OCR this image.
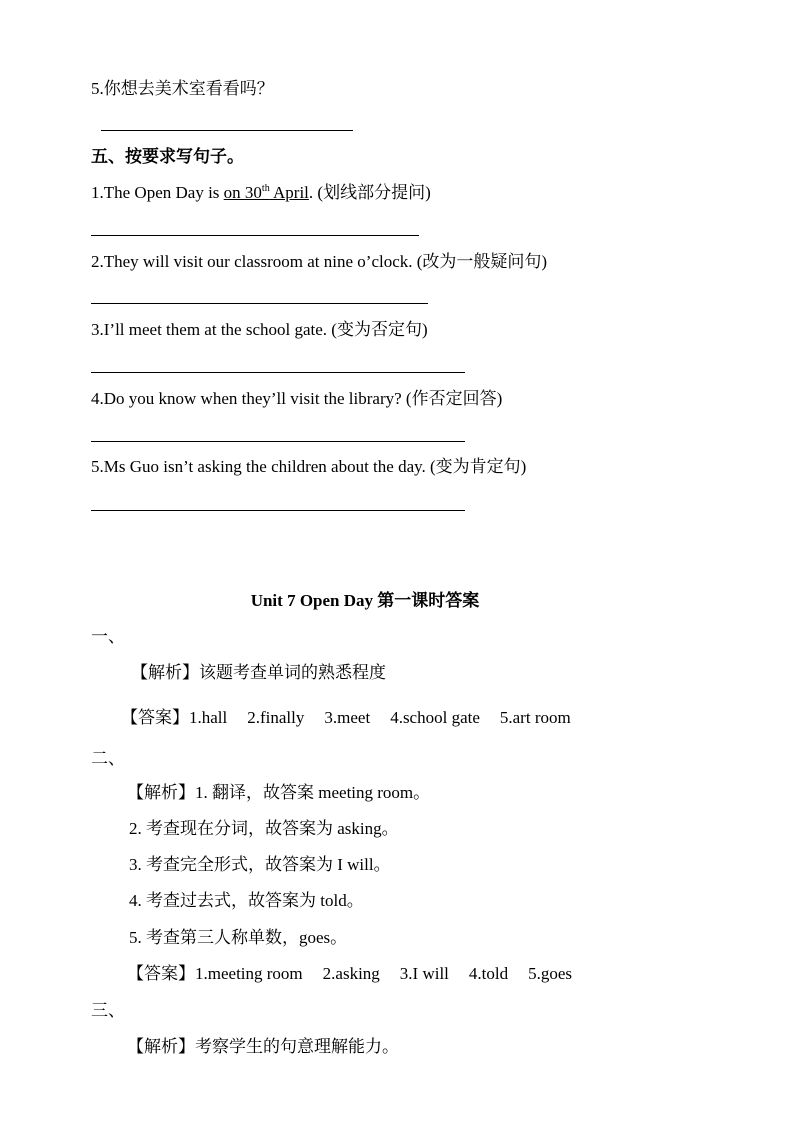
5.你想去美术室看看吗？
五、按要求写句子。
1.The Open Day is on 30th April. (划线部分提问)
2.They will visit our classroom at nine o’clock. (改为一般疑问句)
3.I’ll meet them at the school gate. (变为否定句)
4.Do you know when they’ll visit the library? (作否定回答)
5.Ms Guo isn’t asking the children about the day. (变为肯定句)
Unit 7 Open Day 第一课时答案
一、
【解析】该题考查单词的熟悉程度
【答案】1.hall 2.finally 3.meet 4.school gate 5.art room
二、
【解析】1. 翻译，故答案 meeting room。
2. 考查现在分词，故答案为 asking。
3. 考查完全形式，故答案为 I will。
4. 考查过去式，故答案为 told。
5. 考查第三人称单数，goes。
【答案】1.meeting room 2.asking 3.I will 4.told 5.goes
三、
【解析】考察学生的句意理解能力。
